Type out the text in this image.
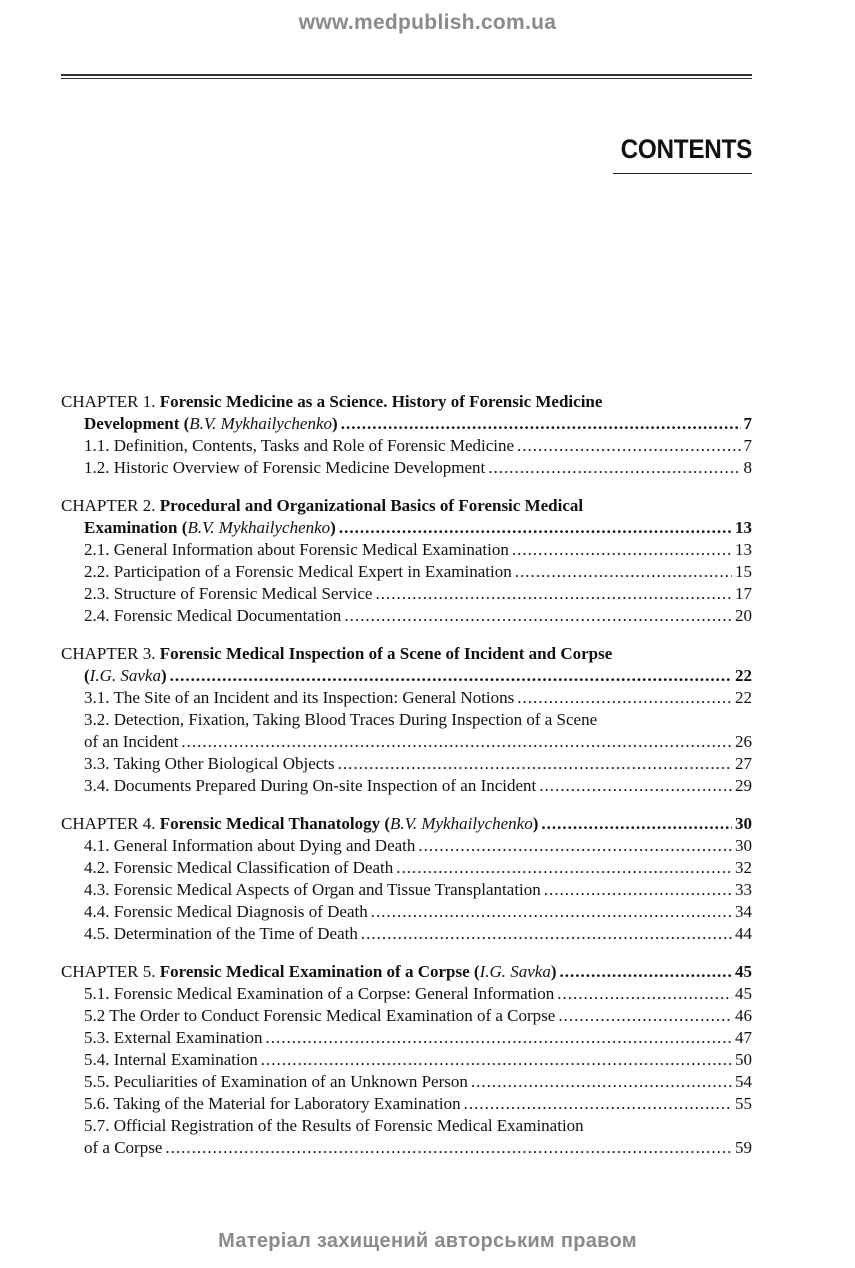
www.medpublish.com.ua
CONTENTS
CHAPTER 1. Forensic Medicine as a Science. History of Forensic Medicine
Development (B.V. Mykhailychenko) .....	7
1.1. Definition, Contents, Tasks and Role of Forensic Medicine .....	7
1.2. Historic Overview of Forensic Medicine Development .....	8
CHAPTER 2. Procedural and Organizational Basics of Forensic Medical
Examination (B.V. Mykhailychenko) .....	13
2.1. General Information about Forensic Medical Examination .....	13
2.2. Participation of a Forensic Medical Expert in Examination .....	15
2.3. Structure of Forensic Medical Service .....	17
2.4. Forensic Medical Documentation .....	20
CHAPTER 3. Forensic Medical Inspection of a Scene of Incident and Corpse
(I.G. Savka) .....	22
3.1. The Site of an Incident and its Inspection: General Notions .....	22
3.2. Detection, Fixation, Taking Blood Traces During Inspection of a Scene
of an Incident .....	26
3.3. Taking Other Biological Objects .....	27
3.4. Documents Prepared During On-site Inspection of an Incident .....	29
CHAPTER 4. Forensic Medical Thanatology (B.V. Mykhailychenko) .....	30
4.1. General Information about Dying and Death .....	30
4.2. Forensic Medical Classification of Death .....	32
4.3. Forensic Medical Aspects of Organ and Tissue Transplantation .....	33
4.4. Forensic Medical Diagnosis of Death .....	34
4.5. Determination of the Time of Death .....	44
CHAPTER 5. Forensic Medical Examination of a Corpse (I.G. Savka) .....	45
5.1. Forensic Medical Examination of a Corpse: General Information .....	45
5.2 The Order to Conduct Forensic Medical Examination of a Corpse .....	46
5.3. External Examination .....	47
5.4. Internal Examination .....	50
5.5. Peculiarities of Examination of an Unknown Person .....	54
5.6. Taking of the Material for Laboratory Examination .....	55
5.7. Official Registration of the Results of Forensic Medical Examination
of a Corpse .....	59
Матеріал захищений авторським правом
